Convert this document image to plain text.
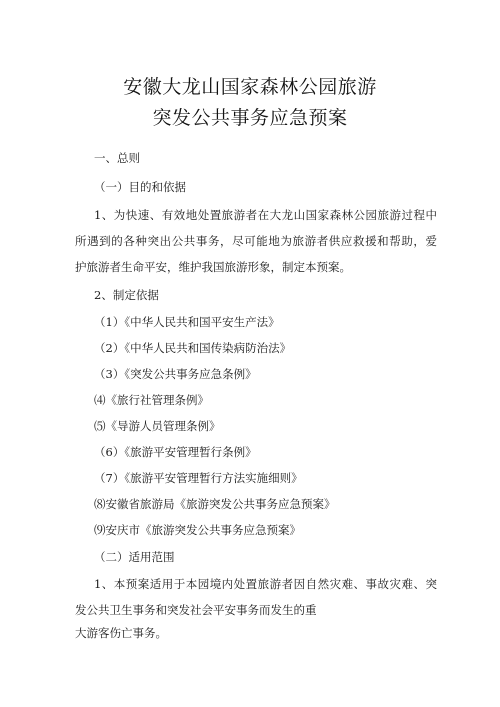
安徽大龙山国家森林公园旅游
突发公共事务应急预案
一、总则
（一）目的和依据
1、为快速、有效地处置旅游者在大龙山国家森林公园旅游过程中
所遇到的各种突出公共事务，尽可能地为旅游者供应救援和帮助，爱
护旅游者生命平安，维护我国旅游形象，制定本预案。
2、制定依据
（1）《中华人民共和国平安生产法》
（2）《中华人民共和国传染病防治法》
（3）《突发公共事务应急条例》
⑷《旅行社管理条例》
⑸《导游人员管理条例》
（6）《旅游平安管理暂行条例》
（7）《旅游平安管理暂行方法实施细则》
⑻安徽省旅游局《旅游突发公共事务应急预案》
⑼安庆市《旅游突发公共事务应急预案》
（二）适用范围
1、本预案适用于本园境内处置旅游者因自然灾难、事故灾难、突
发公共卫生事务和突发社会平安事务而发生的重
大游客伤亡事务。
